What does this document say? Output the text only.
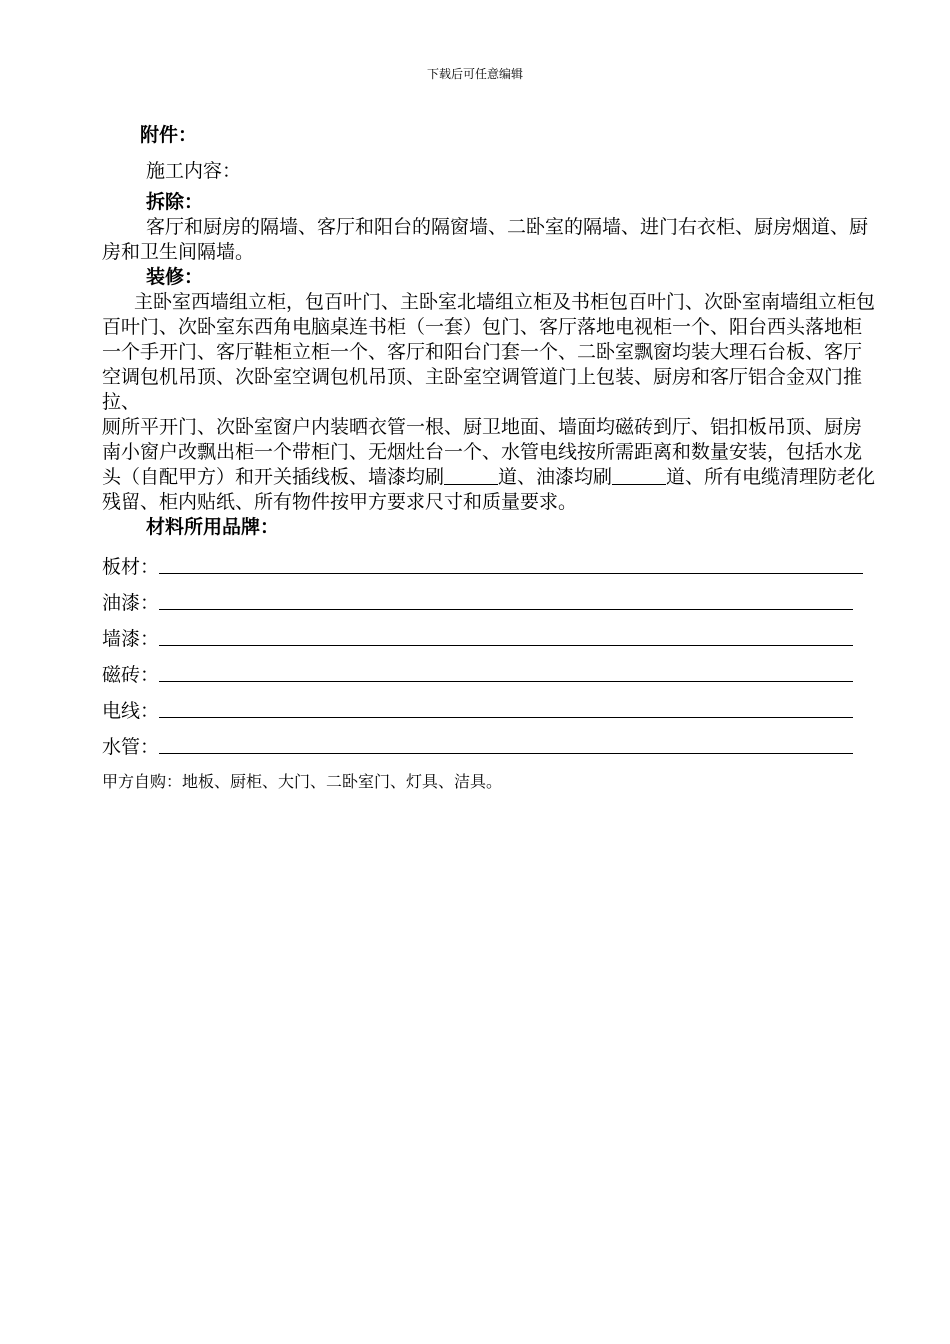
下载后可任意编辑
附件：
施工内容：
拆除：

客厅和厨房的隔墙、客厅和阳台的隔窗墙、二卧室的隔墙、进门右衣柜、厨房烟道、厨房和卫生间隔墙。

装修：

主卧室西墙组立柜，包百叶门、主卧室北墙组立柜及书柜包百叶门、次卧室南墙组立柜包百叶门、次卧室东西角电脑桌连书柜（一套）包门、客厅落地电视柜一个、阳台西头落地柜一个手开门、客厅鞋柜立柜一个、客厅和阳台门套一个、二卧室飘窗均装大理石台板、客厅空调包机吊顶、次卧室空调包机吊顶、主卧室空调管道门上包装、厨房和客厅铝合金双门推拉、

厕所平开门、次卧室窗户内装晒衣管一根、厨卫地面、墙面均磁砖到厅、铝扣板吊顶、厨房南小窗户改飘出柜一个带柜门、无烟灶台一个、水管电线按所需距离和数量安装，包括水龙头（自配甲方）和开关插线板、墙漆均刷	道、油漆均刷	道、所有电缆清理防老化残留、柜内贴纸、所有物件按甲方要求尺寸和质量要求。

材料所用品牌：
板材：
油漆：
墙漆：
磁砖：
电线：
水管：
甲方自购：地板、厨柜、大门、二卧室门、灯具、洁具。
